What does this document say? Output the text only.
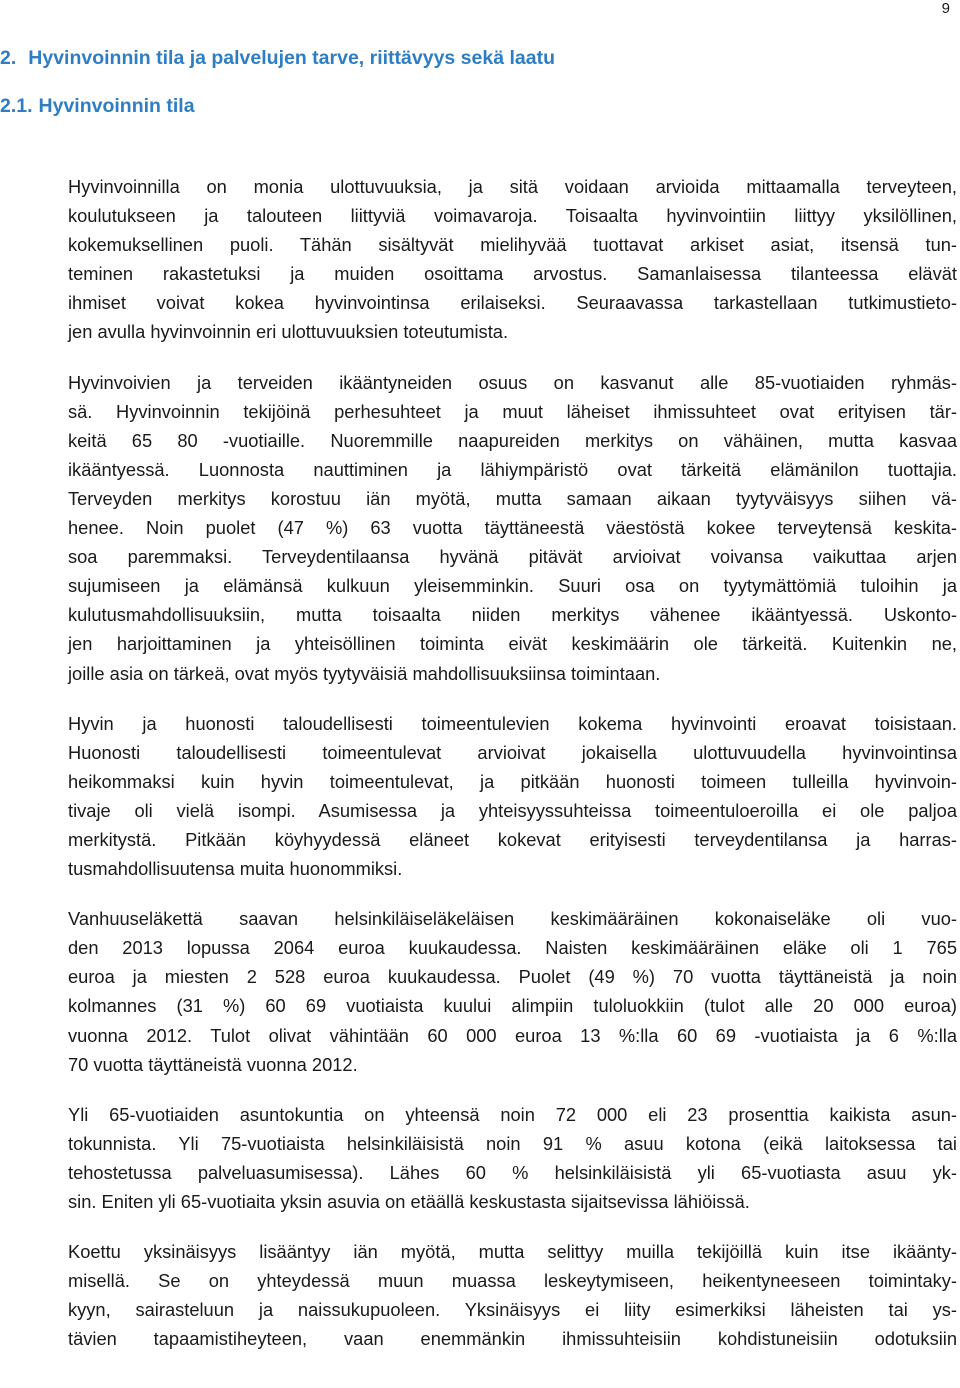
9
2. Hyvinvoinnin tila ja palvelujen tarve, riittävyys sekä laatu
2.1. Hyvinvoinnin tila

Hyvinvoinnilla on monia ulottuvuuksia, ja sitä voidaan arvioida mittaamalla terveyteen,
koulutukseen ja talouteen liittyviä voimavaroja. Toisaalta hyvinvointiin liittyy yksilöllinen,
kokemuksellinen puoli. Tähän sisältyvät mielihyvää tuottavat arkiset asiat, itsensä tun-
teminen rakastetuksi ja muiden osoittama arvostus. Samanlaisessa tilanteessa elävät
ihmiset voivat kokea hyvinvointinsa erilaiseksi. Seuraavassa tarkastellaan tutkimustieto-
jen avulla hyvinvoinnin eri ulottuvuuksien toteutumista.

Hyvinvoivien ja terveiden ikääntyneiden osuus on kasvanut alle 85-vuotiaiden ryhmäs-
sä. Hyvinvoinnin tekijöinä perhesuhteet ja muut läheiset ihmissuhteet ovat erityisen tär-
keitä 65 80 -vuotiaille. Nuoremmille naapureiden merkitys on vähäinen, mutta kasvaa
ikääntyessä. Luonnosta nauttiminen ja lähiympäristö ovat tärkeitä elämänilon tuottajia.
Terveyden merkitys korostuu iän myötä, mutta samaan aikaan tyytyväisyys siihen vä-
henee. Noin puolet (47 %) 63 vuotta täyttäneestä väestöstä kokee terveytensä keskita-
soa paremmaksi. Terveydentilaansa hyvänä pitävät arvioivat voivansa vaikuttaa arjen
sujumiseen ja elämänsä kulkuun yleisemminkin. Suuri osa on tyytymättömiä tuloihin ja
kulutusmahdollisuuksiin, mutta toisaalta niiden merkitys vähenee ikääntyessä. Uskonto-
jen harjoittaminen ja yhteisöllinen toiminta eivät keskimäärin ole tärkeitä. Kuitenkin ne,
joille asia on tärkeä, ovat myös tyytyväisiä mahdollisuuksiinsa toimintaan.

Hyvin ja huonosti taloudellisesti toimeentulevien kokema hyvinvointi eroavat toisistaan.
Huonosti taloudellisesti toimeentulevat arvioivat jokaisella ulottuvuudella hyvinvointinsa
heikommaksi kuin hyvin toimeentulevat, ja pitkään huonosti toimeen tulleilla hyvinvoin-
tivaje oli vielä isompi. Asumisessa ja yhteisyyssuhteissa toimeentuloeroilla ei ole paljoa
merkitystä. Pitkään köyhyydessä eläneet kokevat erityisesti terveydentilansa ja harras-
tusmahdollisuutensa muita huonommiksi.

Vanhuuseläkettä saavan helsinkiläiseläkeläisen keskimääräinen kokonaiseläke oli vuo-
den 2013 lopussa 2064 euroa kuukaudessa. Naisten keskimääräinen eläke oli 1 765
euroa ja miesten 2 528 euroa kuukaudessa. Puolet (49 %) 70 vuotta täyttäneistä ja noin
kolmannes (31 %) 60 69 vuotiaista kuului alimpiin tuloluokkiin (tulot alle 20 000 euroa)
vuonna 2012. Tulot olivat vähintään 60 000 euroa 13 %:lla 60 69 -vuotiaista ja 6 %:lla
70 vuotta täyttäneistä vuonna 2012.

Yli 65-vuotiaiden asuntokuntia on yhteensä noin 72 000 eli 23 prosenttia kaikista asun-
tokunnista. Yli 75-vuotiaista helsinkiläisistä noin 91 % asuu kotona (eikä laitoksessa tai
tehostetussa palveluasumisessa). Lähes 60 % helsinkiläisistä yli 65-vuotiasta asuu yk-
sin. Eniten yli 65-vuotiaita yksin asuvia on etäällä keskustasta sijaitsevissa lähiöissä.

Koettu yksinäisyys lisääntyy iän myötä, mutta selittyy muilla tekijöillä kuin itse ikäänty-
misellä. Se on yhteydessä muun muassa leskeytymiseen, heikentyneeseen toimintaky-
kyyn, sairasteluun ja naissukupuoleen. Yksinäisyys ei liity esimerkiksi läheisten tai ys-
tävien tapaamistiheyteen, vaan enemmänkin ihmissuhteisiin kohdistuneisiin odotuksiin
